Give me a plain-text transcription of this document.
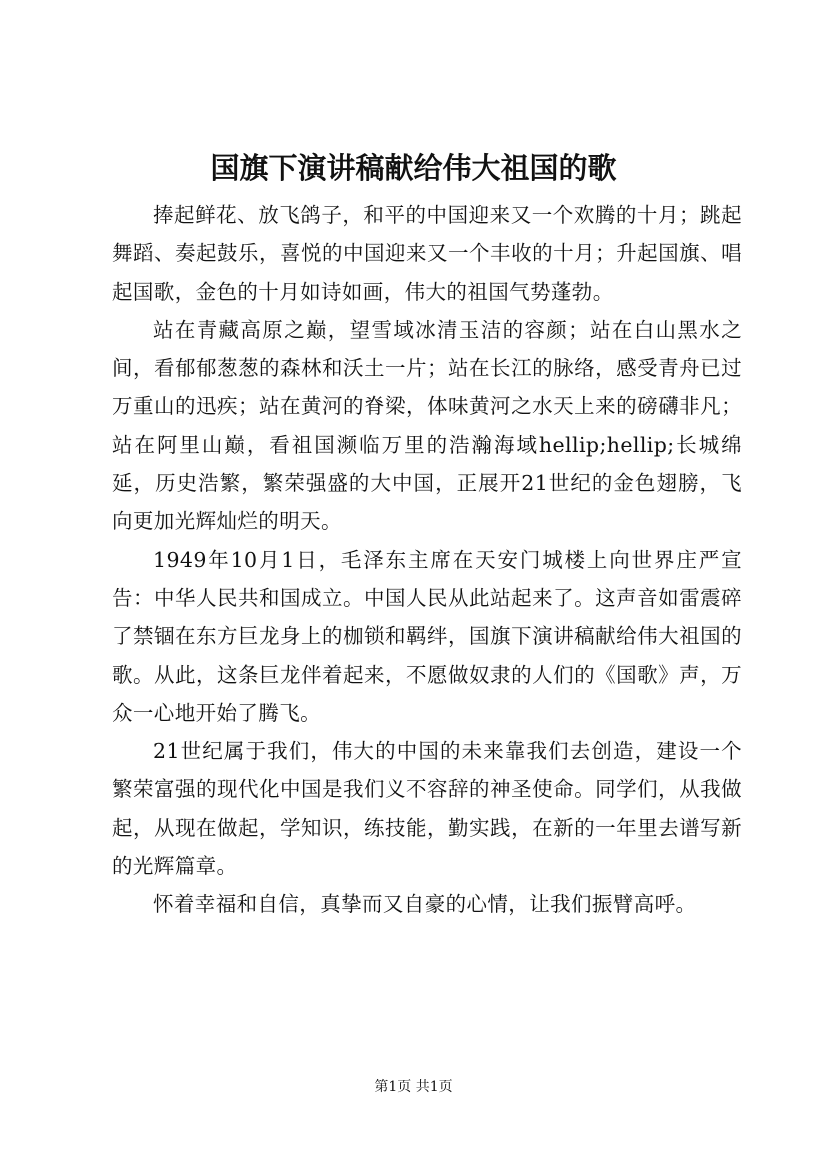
国旗下演讲稿献给伟大祖国的歌

捧起鲜花、放飞鸽子，和平的中国迎来又一个欢腾的十月；跳起舞蹈、奏起鼓乐，喜悦的中国迎来又一个丰收的十月；升起国旗、唱起国歌，金色的十月如诗如画，伟大的祖国气势蓬勃。

站在青藏高原之巅，望雪域冰清玉洁的容颜；站在白山黑水之间，看郁郁葱葱的森林和沃土一片；站在长江的脉络，感受青舟已过万重山的迅疾；站在黄河的脊梁，体味黄河之水天上来的磅礴非凡；站在阿里山巅，看祖国濒临万里的浩瀚海域hellip;hellip;长城绵延，历史浩繁，繁荣强盛的大中国，正展开21世纪的金色翅膀，飞向更加光辉灿烂的明天。

1949年10月1日，毛泽东主席在天安门城楼上向世界庄严宣告：中华人民共和国成立。中国人民从此站起来了。这声音如雷震碎了禁锢在东方巨龙身上的枷锁和羁绊，国旗下演讲稿献给伟大祖国的歌。从此，这条巨龙伴着起来，不愿做奴隶的人们的《国歌》声，万众一心地开始了腾飞。

21世纪属于我们，伟大的中国的未来靠我们去创造，建设一个繁荣富强的现代化中国是我们义不容辞的神圣使命。同学们，从我做起，从现在做起，学知识，练技能，勤实践，在新的一年里去谱写新的光辉篇章。

怀着幸福和自信，真挚而又自豪的心情，让我们振臂高呼。

第1页 共1页
